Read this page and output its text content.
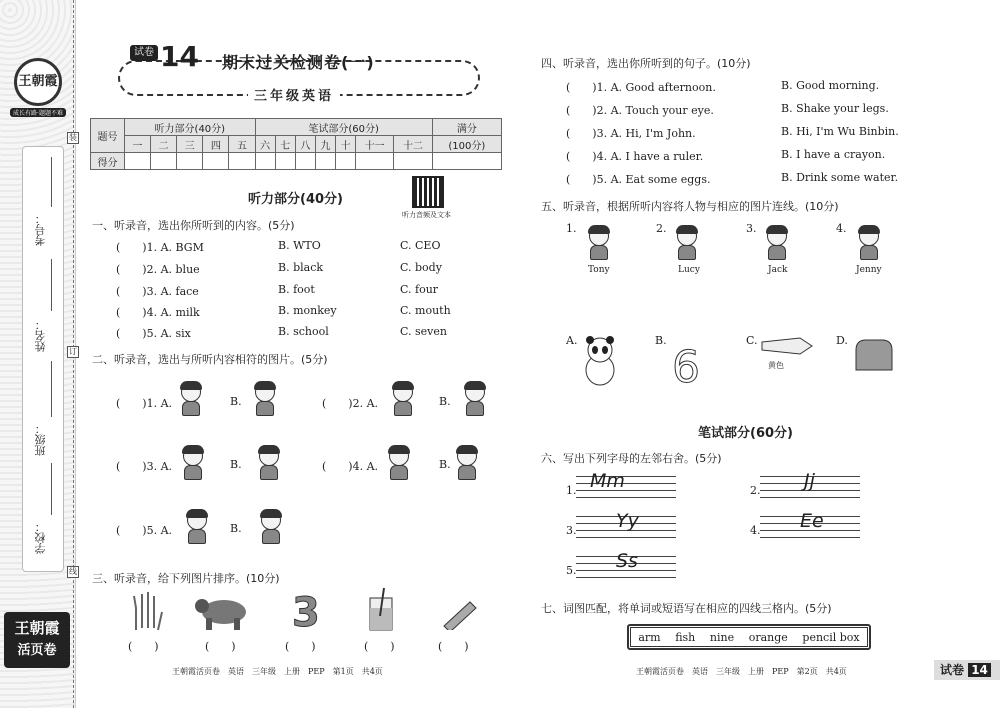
王朝霞
成长有路·题题不难
考号：
姓名：
班级：
学校：
装
订
线
王朝霞
活页卷
试卷 14 期末过关检测卷(一)
三年级英语
题号	听力部分(40分)					笔试部分(60分)							满分
	一	二	三	四	五	六	七	八	九	十	十一	十二	(100分)
得分													
听力部分(40分)
听力音频及文本
一、听录音，选出你所听到的内容。(5分)
(　　)1. A. BGM	B. WTO	C. CEO
(　　)2. A. blue	B. black	C. body
(　　)3. A. face	B. foot	C. four
(　　)4. A. milk	B. monkey	C. mouth
(　　)5. A. six	B. school	C. seven
二、听录音，选出与所听内容相符的图片。(5分)
(　　)1. A.	B.	(　　)2. A.	B.
(　　)3. A.	B.	(　　)4. A.	B.
(　　)5. A.	B.
三、听录音，给下列图片排序。(10分)
3
(　　)	(　　)	(　　)	(　　)	(　　)
王朝霞活页卷　英语　三年级　上册　PEP　第1页　共4页
四、听录音，选出你所听到的句子。(10分)
(　　)1. A. Good afternoon.	B. Good morning.
(　　)2. A. Touch your eye.	B. Shake your legs.
(　　)3. A. Hi, I'm John.	B. Hi, I'm Wu Binbin.
(　　)4. A. I have a ruler.	B. I have a crayon.
(　　)5. A. Eat some eggs.	B. Drink some water.
五、听录音，根据所听内容将人物与相应的图片连线。(10分)
1.
Tony
2.
Lucy
3.
Jack
4.
Jenny
A.	B.
6
C.
黄色
D.
笔试部分(60分)
六、写出下列字母的左邻右舍。(5分)
1. Mm	2. Jj
3. Yy	4. Ee
5. Ss
七、词图匹配，将单词或短语写在相应的四线三格内。(5分)
arm fish nine orange pencil box
王朝霞活页卷　英语　三年级　上册　PEP　第2页　共4页	试卷 14
